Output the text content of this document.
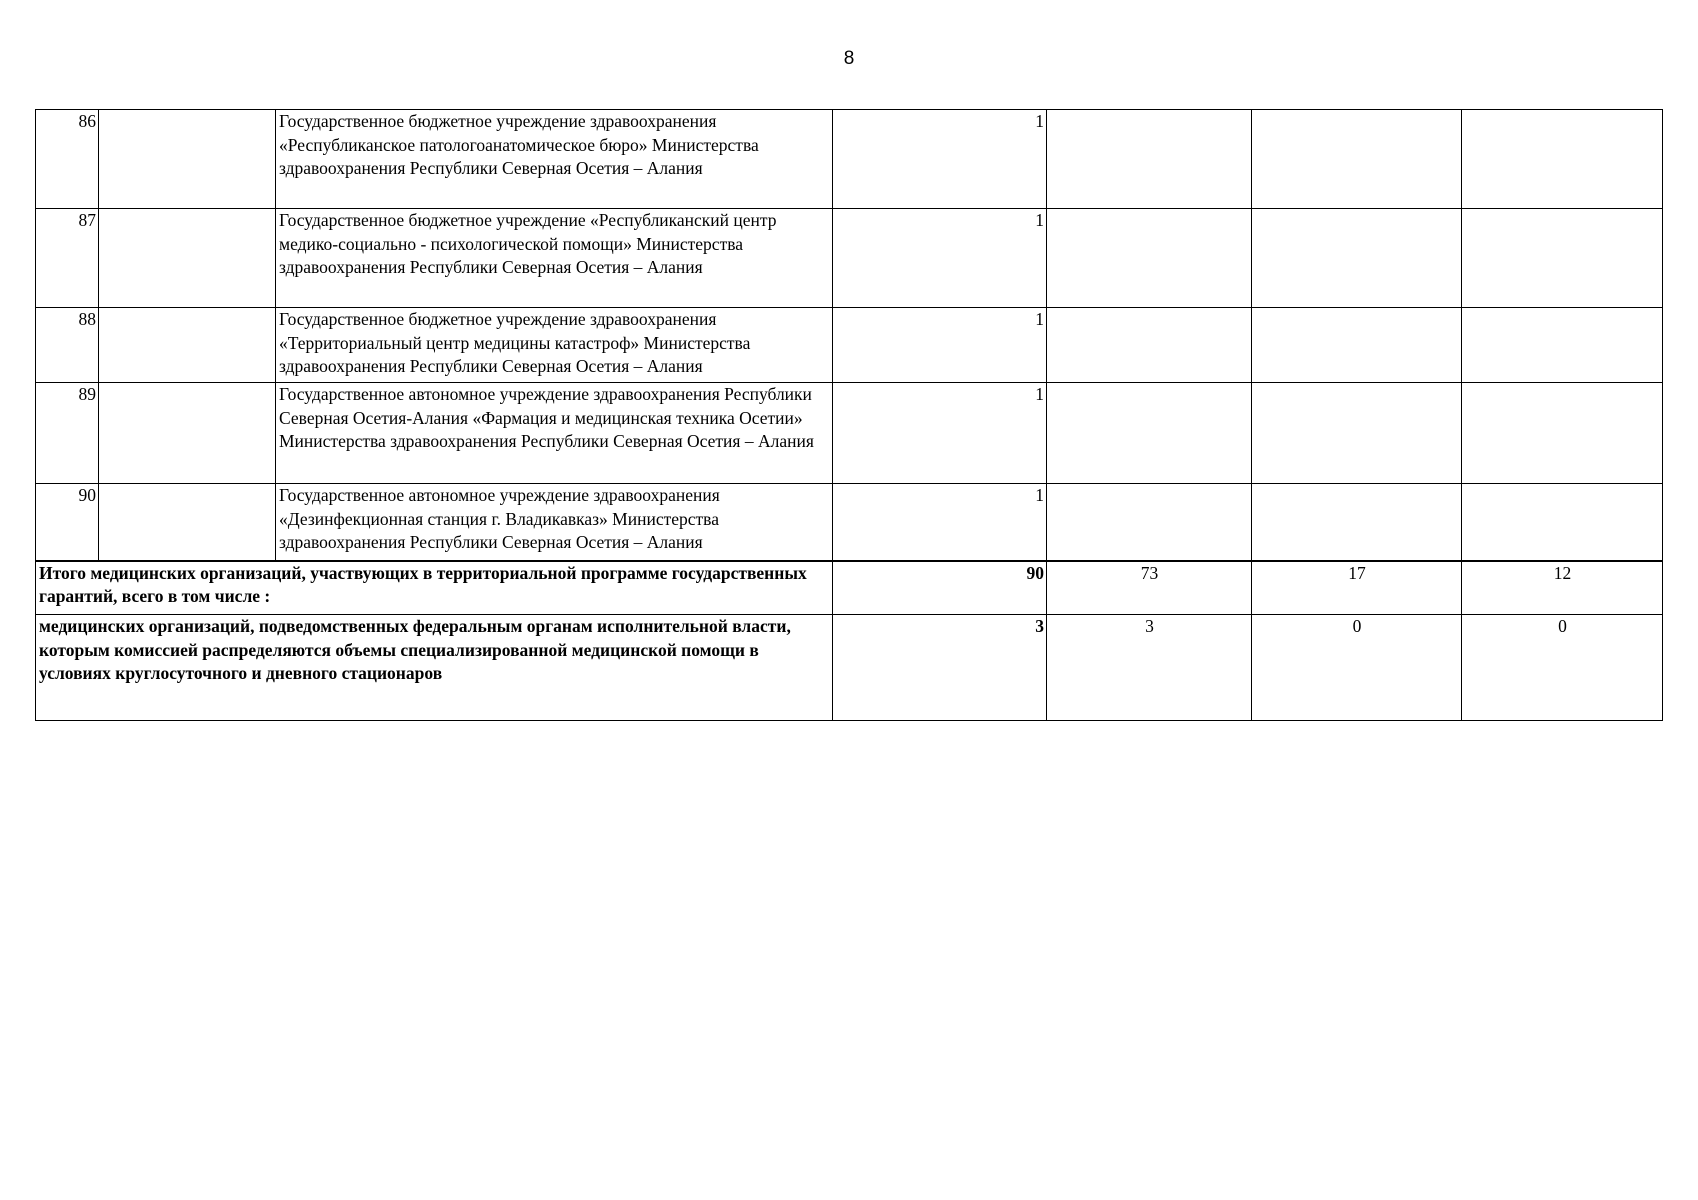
8
86		Государственное бюджетное учреждение здравоохранения «Республиканское патологоанатомическое бюро» Министерства здравоохранения Республики Северная Осетия – Алания	1			
87		Государственное бюджетное учреждение «Республиканский центр медико-социально - психологической помощи» Министерства здравоохранения Республики Северная Осетия – Алания	1			
88		Государственное бюджетное учреждение здравоохранения «Территориальный центр медицины катастроф» Министерства здравоохранения Республики Северная Осетия – Алания	1			
89		Государственное автономное учреждение здравоохранения Республики Северная Осетия-Алания «Фармация и медицинская техника Осетии» Министерства здравоохранения Республики Северная Осетия – Алания	1			
90		Государственное автономное учреждение здравоохранения «Дезинфекционная станция г. Владикавказ» Министерства здравоохранения Республики Северная Осетия – Алания	1			
Итого медицинских организаций, участвующих в территориальной программе государственных гарантий, всего в том числе :			90	73	17	12
медицинских организаций, подведомственных федеральным органам исполнительной власти, которым комиссией распределяются объемы специализированной медицинской помощи в условиях круглосуточного и дневного стационаров			3	3	0	0
